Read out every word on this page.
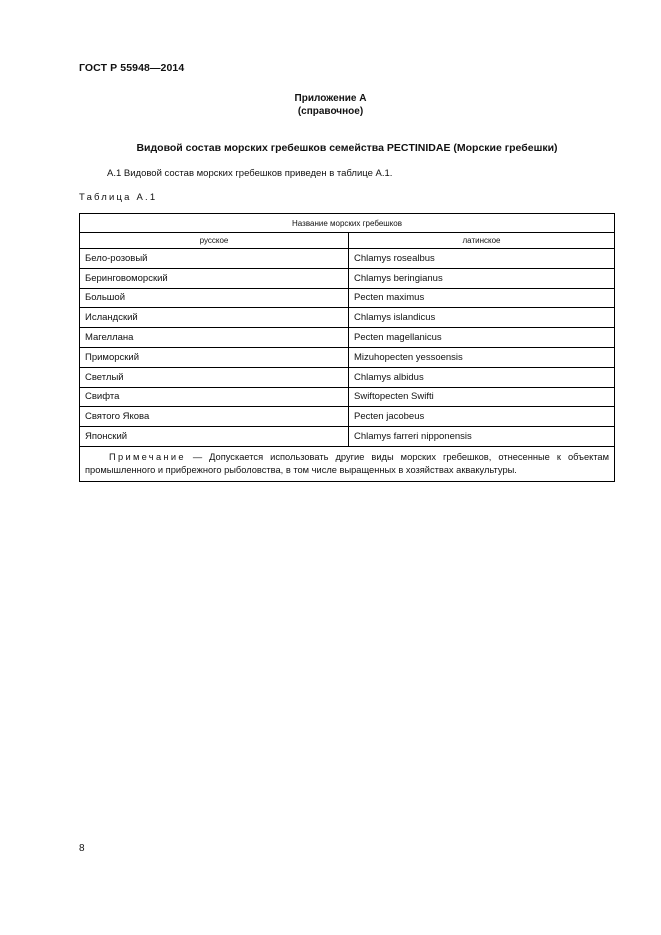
ГОСТ Р 55948—2014
Приложение А
(справочное)
Видовой состав морских гребешков семейства PECTINIDAE (Морские гребешки)
А.1 Видовой состав морских гребешков приведен в таблице А.1.
Таблица А.1
Название морских гребешков	
русское	латинское
Бело-розовый	Chlamys rosealbus
Беринговоморский	Chlamys beringianus
Большой	Pecten maximus
Исландский	Chlamys islandicus
Магеллана	Pecten magellanicus
Приморский	Mizuhopecten yessoensis
Светлый	Chlamys albidus
Свифта	Swiftopecten Swifti
Святого Якова	Pecten jacobeus
Японский	Chlamys farreri nipponensis
Примечание — Допускается использовать другие виды морских гребешков, отнесенные к объектам промышленного и прибрежного рыболовства, в том числе выращенных в хозяйствах аквакультуры.	
8
